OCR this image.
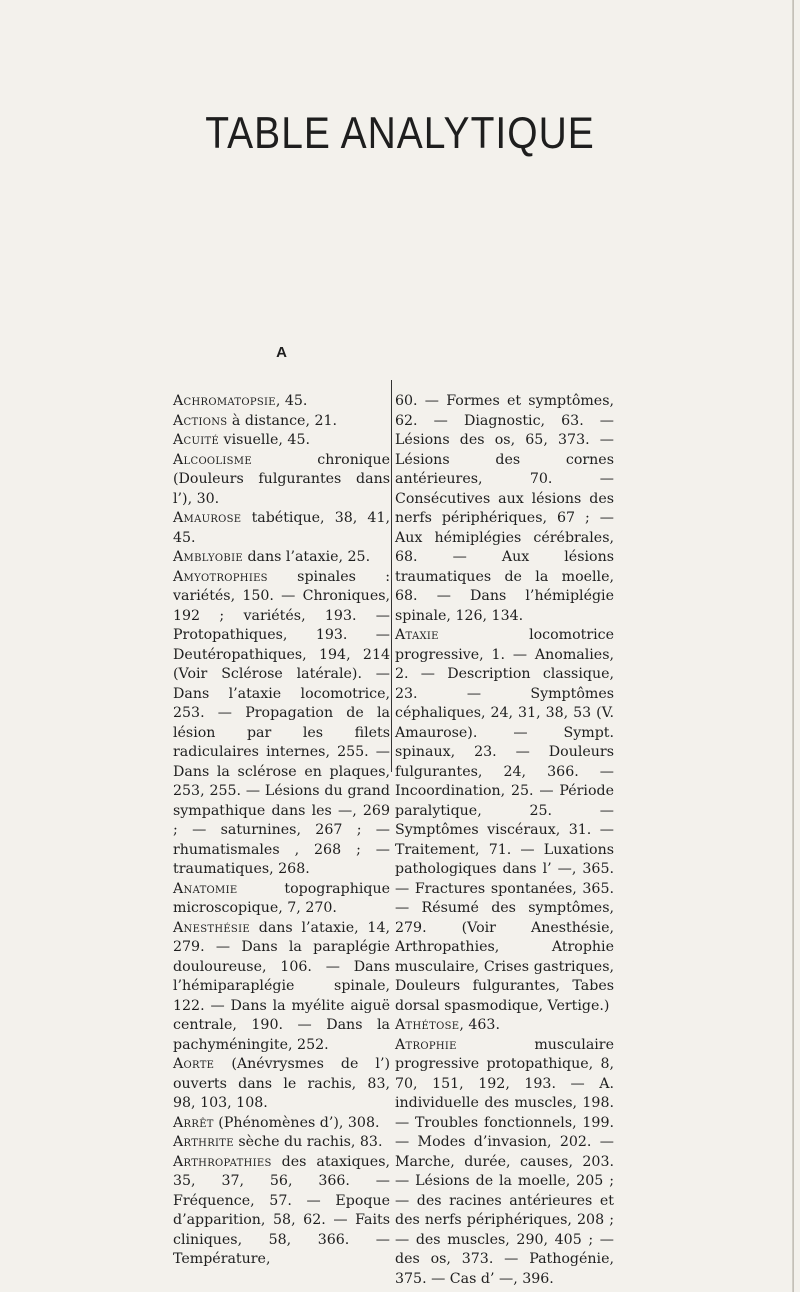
TABLE ANALYTIQUE
A

Achromatopsie, 45.

Actions à distance, 21.

Acuité visuelle, 45.

Alcoolisme chronique (Douleurs fulgurantes dans l’), 30.

Amaurose tabétique, 38, 41, 45.

Amblyobie dans l’ataxie, 25.

Amyotrophies spinales : variétés, 150. — Chroniques, 192 ; variétés, 193. — Protopathiques, 193. — Deutéropathiques, 194, 214 (Voir Sclérose latérale). — Dans l’ataxie locomotrice, 253. — Propagation de la lésion par les filets radiculaires internes, 255. — Dans la sclérose en plaques, 253, 255. — Lésions du grand sympathique dans les —, 269 ; — saturnines, 267 ; — rhumatismales , 268 ; — traumatiques, 268.

Anatomie topographique microscopique, 7, 270.

Anesthésie dans l’ataxie, 14, 279. — Dans la paraplégie douloureuse, 106. — Dans l’hémiparaplégie spinale, 122. — Dans la myélite aiguë centrale, 190. — Dans la pachyméningite, 252.

Aorte (Anévrysmes de l’) ouverts dans le rachis, 83, 98, 103, 108.

Arrêt (Phénomènes d’), 308.

Arthrite sèche du rachis, 83.

Arthropathies des ataxiques, 35, 37, 56, 366. — Fréquence, 57. — Epoque d’apparition, 58, 62. — Faits cliniques, 58, 366. — Température,

60. — Formes et symptômes, 62. — Diagnostic, 63. — Lésions des os, 65, 373. — Lésions des cornes antérieures, 70. — Consécutives aux lésions des nerfs périphériques, 67 ; — Aux hémiplégies cérébrales, 68. — Aux lésions traumatiques de la moelle, 68. — Dans l’hémiplégie spinale, 126, 134.

Ataxie locomotrice progressive, 1. — Anomalies, 2. — Description classique, 23. — Symptômes céphaliques, 24, 31, 38, 53 (V. Amaurose). — Sympt. spinaux, 23. — Douleurs fulgurantes, 24, 366. — Incoordination, 25. — Période paralytique, 25. — Symptômes viscéraux, 31. — Traitement, 71. — Luxations pathologiques dans l’ —, 365. — Fractures spontanées, 365. — Résumé des symptômes, 279. (Voir Anesthésie, Arthropathies, Atrophie musculaire, Crises gastriques, Douleurs fulgurantes, Tabes dorsal spasmodique, Vertige.)

Athétose, 463.

Atrophie musculaire progressive protopathique, 8, 70, 151, 192, 193. — A. individuelle des muscles, 198. — Troubles fonctionnels, 199. — Modes d’invasion, 202. — Marche, durée, causes, 203. — Lésions de la moelle, 205 ; — des racines antérieures et des nerfs périphériques, 208 ; — des muscles, 290, 405 ; — des os, 373. — Pathogénie, 375. — Cas d’ —, 396.
